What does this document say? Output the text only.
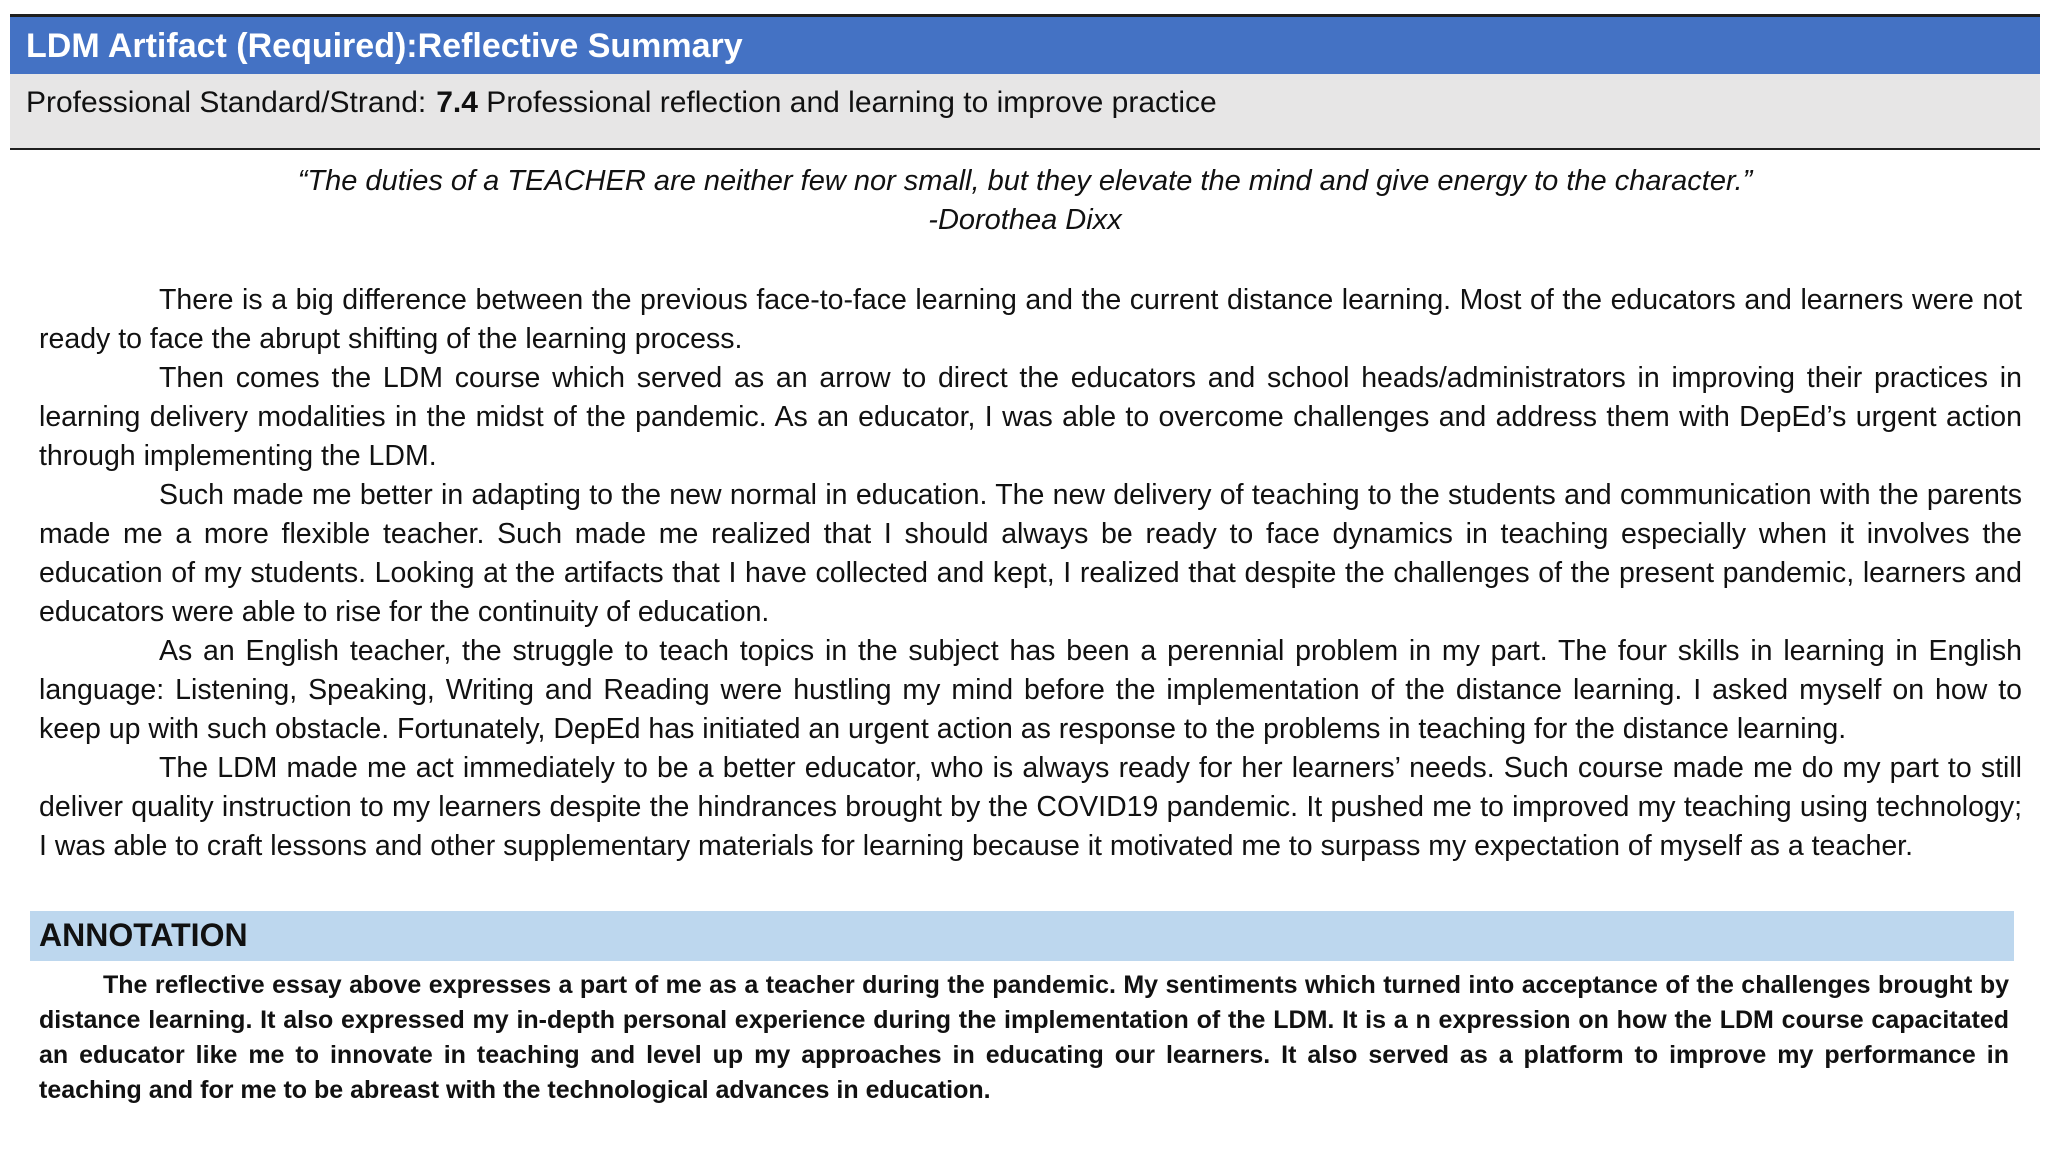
LDM Artifact (Required):Reflective Summary
Professional Standard/Strand: 7.4 Professional reflection and learning to improve practice
“The duties of a TEACHER are neither few nor small, but they elevate the mind and give energy to the character.”
-Dorothea Dixx

There is a big difference between the previous face-to-face learning and the current distance learning. Most of the educators and learners were not ready to face the abrupt shifting of the learning process.

Then comes the LDM course which served as an arrow to direct the educators and school heads/administrators in improving their practices in learning delivery modalities in the midst of the pandemic. As an educator, I was able to overcome challenges and address them with DepEd’s urgent action through implementing the LDM.

Such made me better in adapting to the new normal in education. The new delivery of teaching to the students and communication with the parents made me a more flexible teacher. Such made me realized that I should always be ready to face dynamics in teaching especially when it involves the education of my students. Looking at the artifacts that I have collected and kept, I realized that despite the challenges of the present pandemic, learners and educators were able to rise for the continuity of education.

As an English teacher, the struggle to teach topics in the subject has been a perennial problem in my part. The four skills in learning in English language: Listening, Speaking, Writing and Reading were hustling my mind before the implementation of the distance learning. I asked myself on how to keep up with such obstacle. Fortunately, DepEd has initiated an urgent action as response to the problems in teaching for the distance learning.

The LDM made me act immediately to be a better educator, who is always ready for her learners’ needs. Such course made me do my part to still deliver quality instruction to my learners despite the hindrances brought by the COVID19 pandemic. It pushed me to improved my teaching using technology; I was able to craft lessons and other supplementary materials for learning because it motivated me to surpass my expectation of myself as a teacher.

ANNOTATION

The reflective essay above expresses a part of me as a teacher during the pandemic. My sentiments which turned into acceptance of the challenges brought by distance learning. It also expressed my in-depth personal experience during the implementation of the LDM. It is a n expression on how the LDM course capacitated an educator like me to innovate in teaching and level up my approaches in educating our learners. It also served as a platform to improve my performance in teaching and for me to be abreast with the technological advances in education.
